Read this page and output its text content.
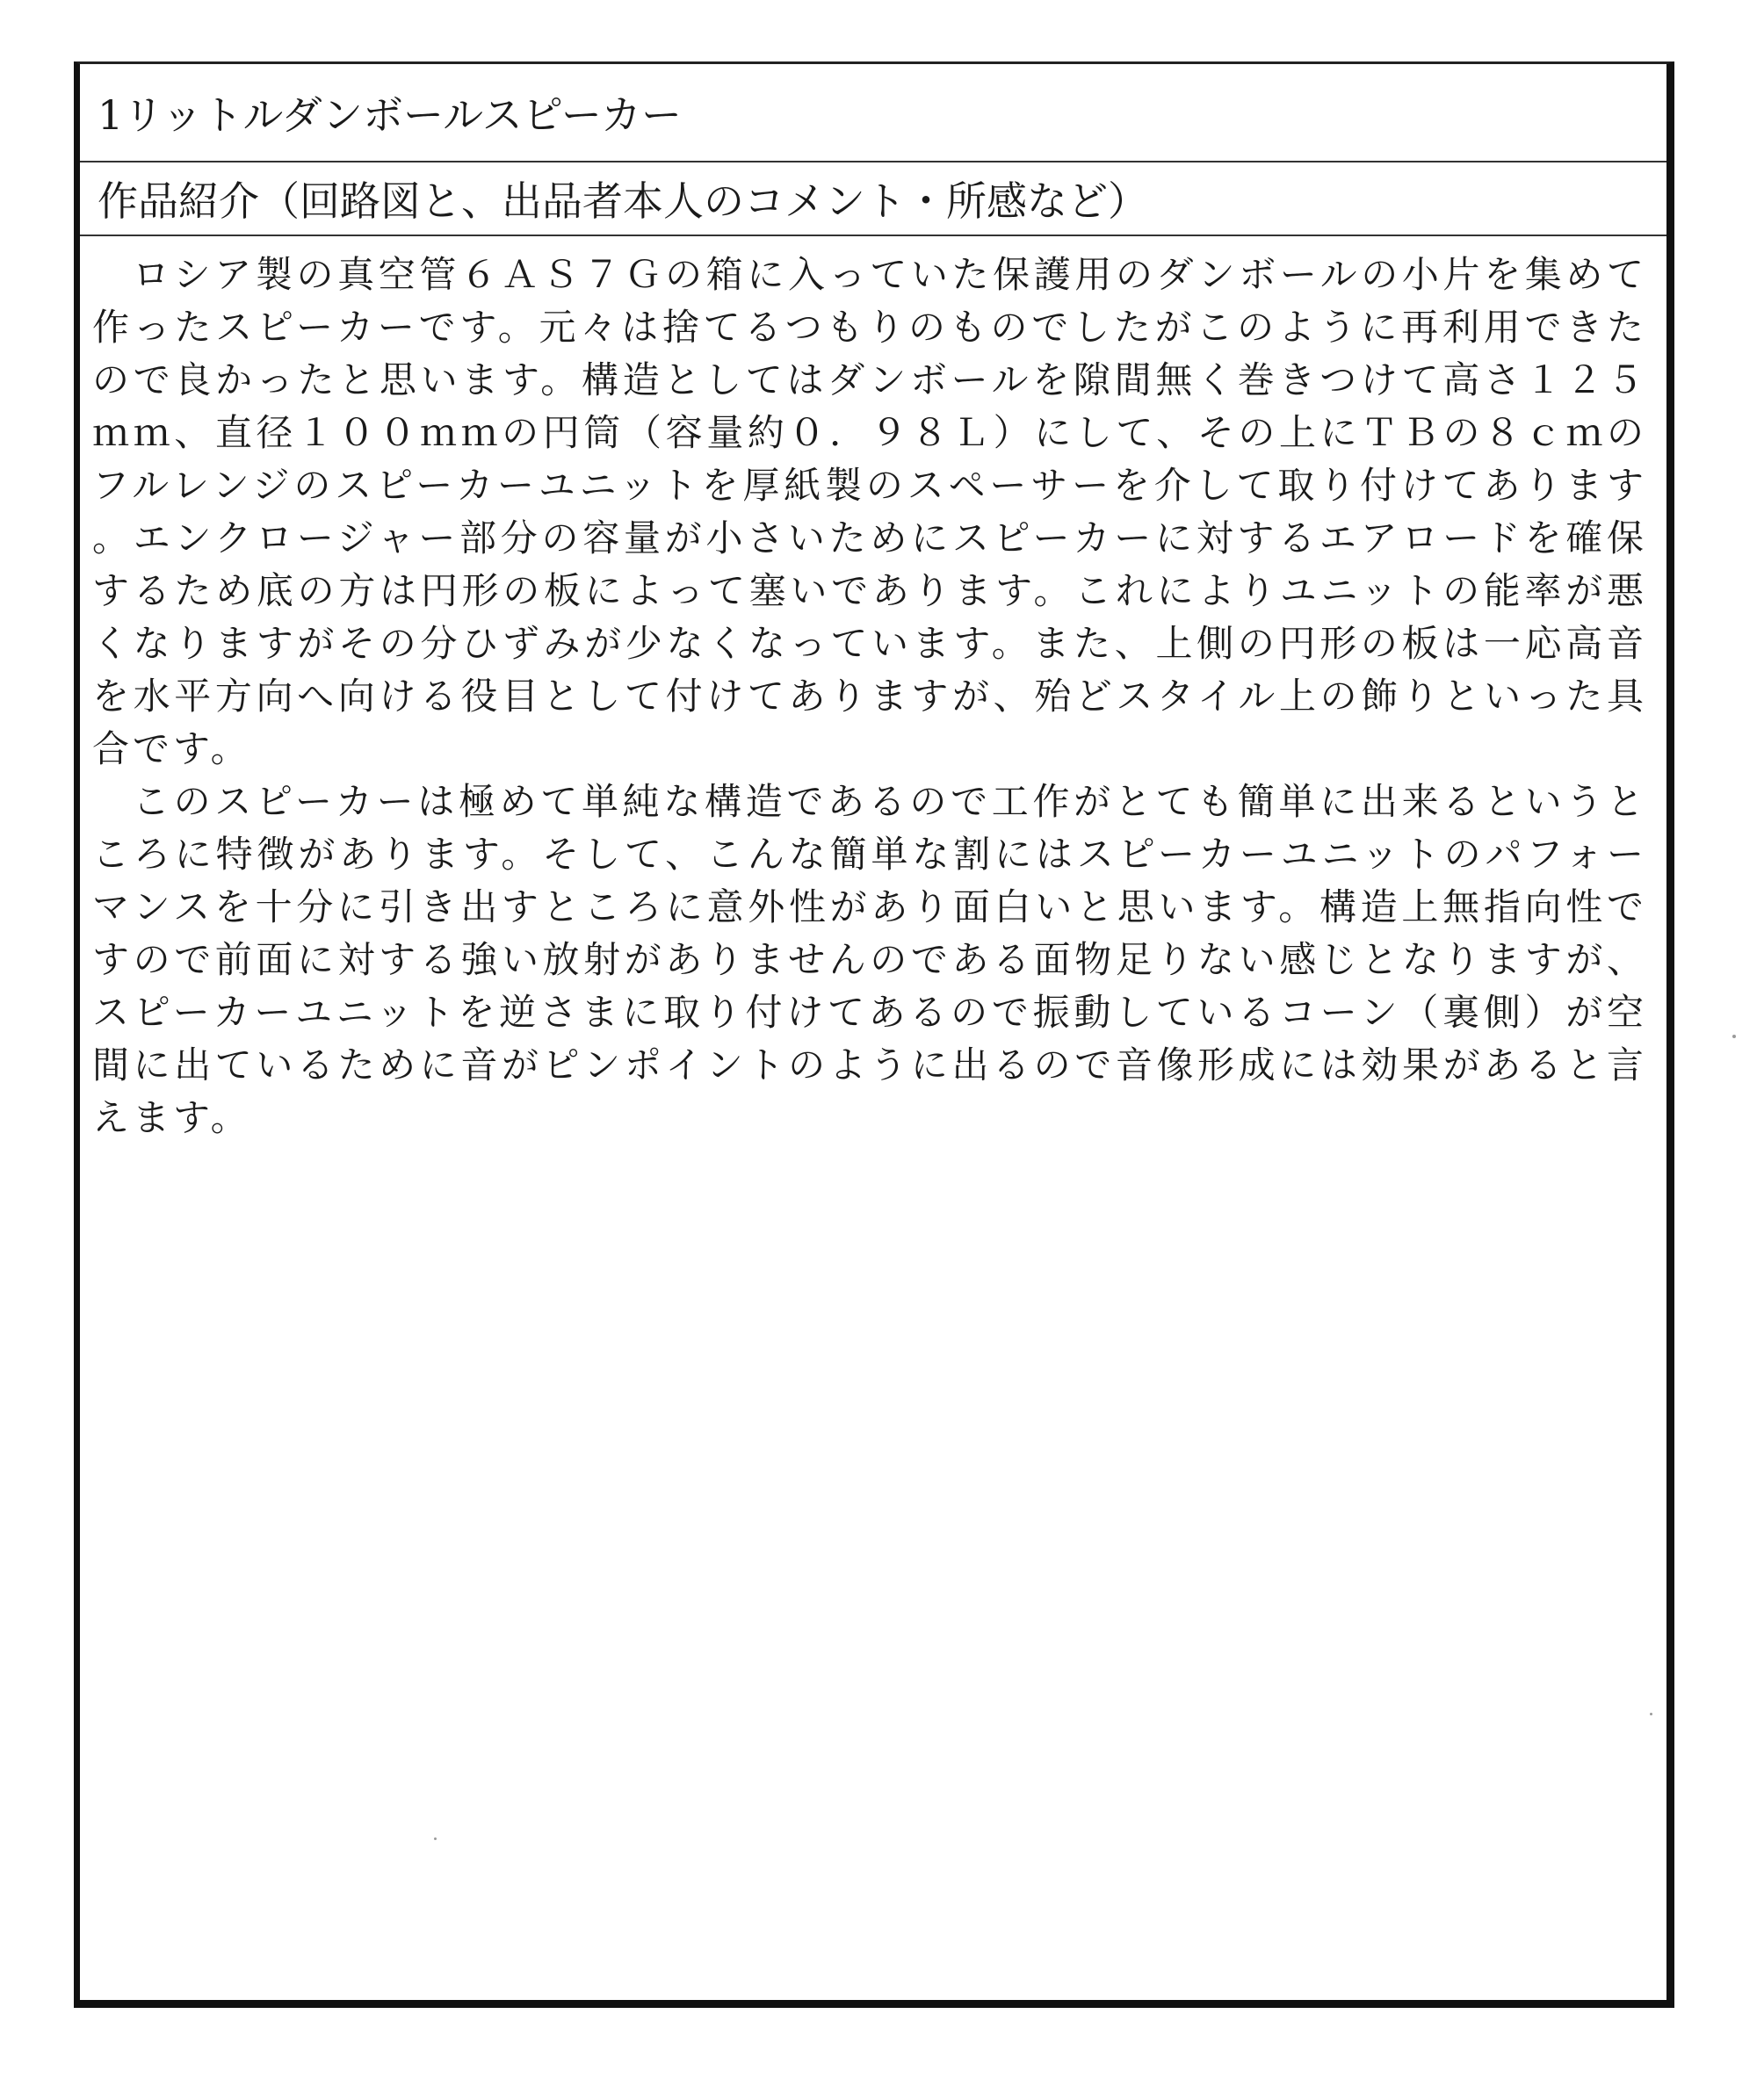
1リットルダンボールスピーカー
作品紹介（回路図と、出品者本人のコメント・所感など）

ロシア製の真空管６ＡＳ７Ｇの箱に入っていた保護用のダンボールの小片を集めて作ったスピーカーです。元々は捨てるつもりのものでしたがこのように再利用できたので良かったと思います。構造としてはダンボールを隙間無く巻きつけて高さ１２５ｍｍ、直径１００ｍｍの円筒（容量約０．９８Ｌ）にして、その上にＴＢの８ｃｍのフルレンジのスピーカーユニットを厚紙製のスペーサーを介して取り付けてあります。エンクロージャー部分の容量が小さいためにスピーカーに対するエアロードを確保するため底の方は円形の板によって塞いであります。これによりユニットの能率が悪くなりますがその分ひずみが少なくなっています。また、上側の円形の板は一応高音を水平方向へ向ける役目として付けてありますが、殆どスタイル上の飾りといった具合です。

このスピーカーは極めて単純な構造であるので工作がとても簡単に出来るというところに特徴があります。そして、こんな簡単な割にはスピーカーユニットのパフォーマンスを十分に引き出すところに意外性があり面白いと思います。構造上無指向性ですので前面に対する強い放射がありませんのである面物足りない感じとなりますが、スピーカーユニットを逆さまに取り付けてあるので振動しているコーン（裏側）が空間に出ているために音がピンポイントのように出るので音像形成には効果があると言えます。
